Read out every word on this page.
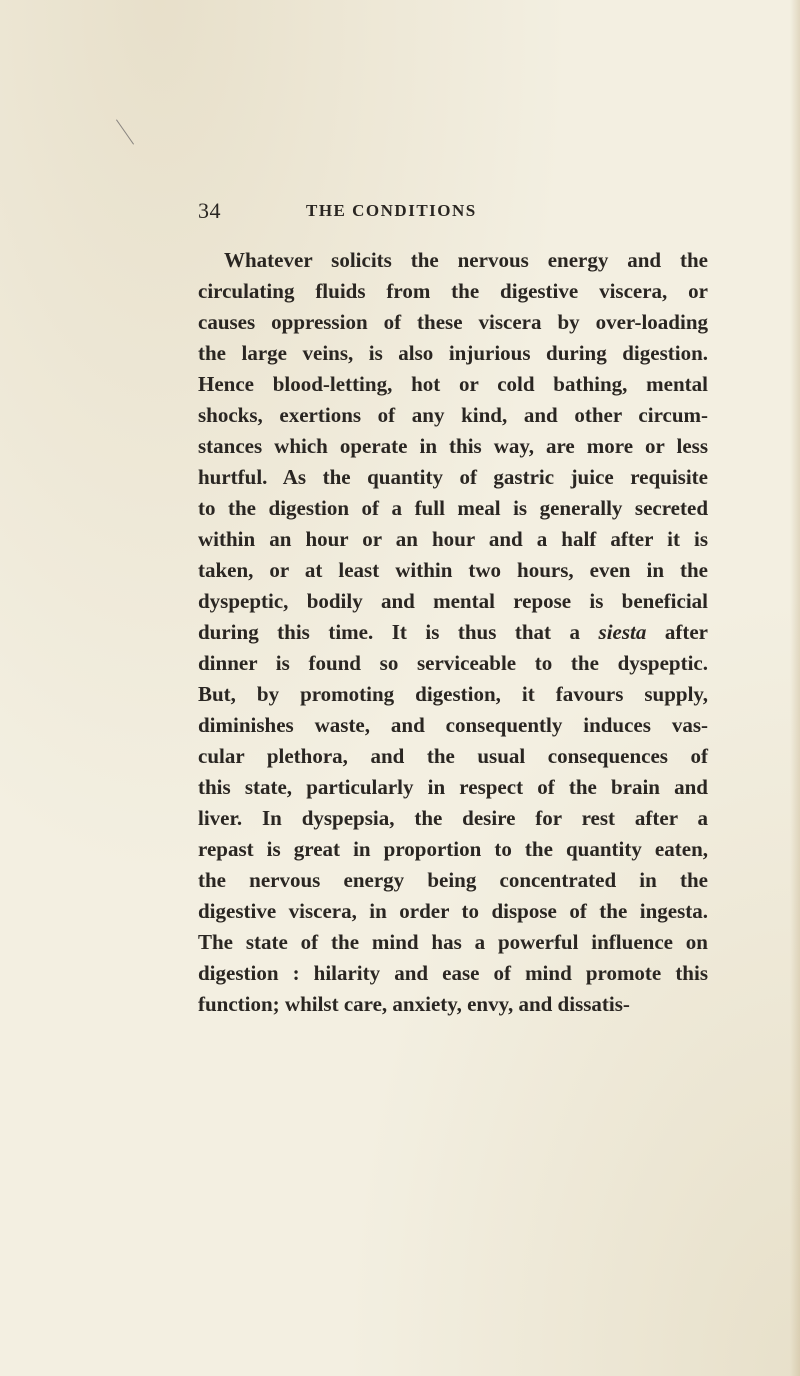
34	THE CONDITIONS
Whatever solicits the nervous energy and the
circulating fluids from the digestive viscera, or
causes oppression of these viscera by over-loading
the large veins, is also injurious during digestion.
Hence blood-letting, hot or cold bathing, mental
shocks, exertions of any kind, and other circum-
stances which operate in this way, are more or less
hurtful. As the quantity of gastric juice requisite
to the digestion of a full meal is generally secreted
within an hour or an hour and a half after it is
taken, or at least within two hours, even in the
dyspeptic, bodily and mental repose is beneficial
during this time. It is thus that a siesta after
dinner is found so serviceable to the dyspeptic.
But, by promoting digestion, it favours supply,
diminishes waste, and consequently induces vas-
cular plethora, and the usual consequences of
this state, particularly in respect of the brain and
liver. In dyspepsia, the desire for rest after a
repast is great in proportion to the quantity eaten,
the nervous energy being concentrated in the
digestive viscera, in order to dispose of the ingesta.
The state of the mind has a powerful influence on
digestion : hilarity and ease of mind promote this
function; whilst care, anxiety, envy, and dissatis-
